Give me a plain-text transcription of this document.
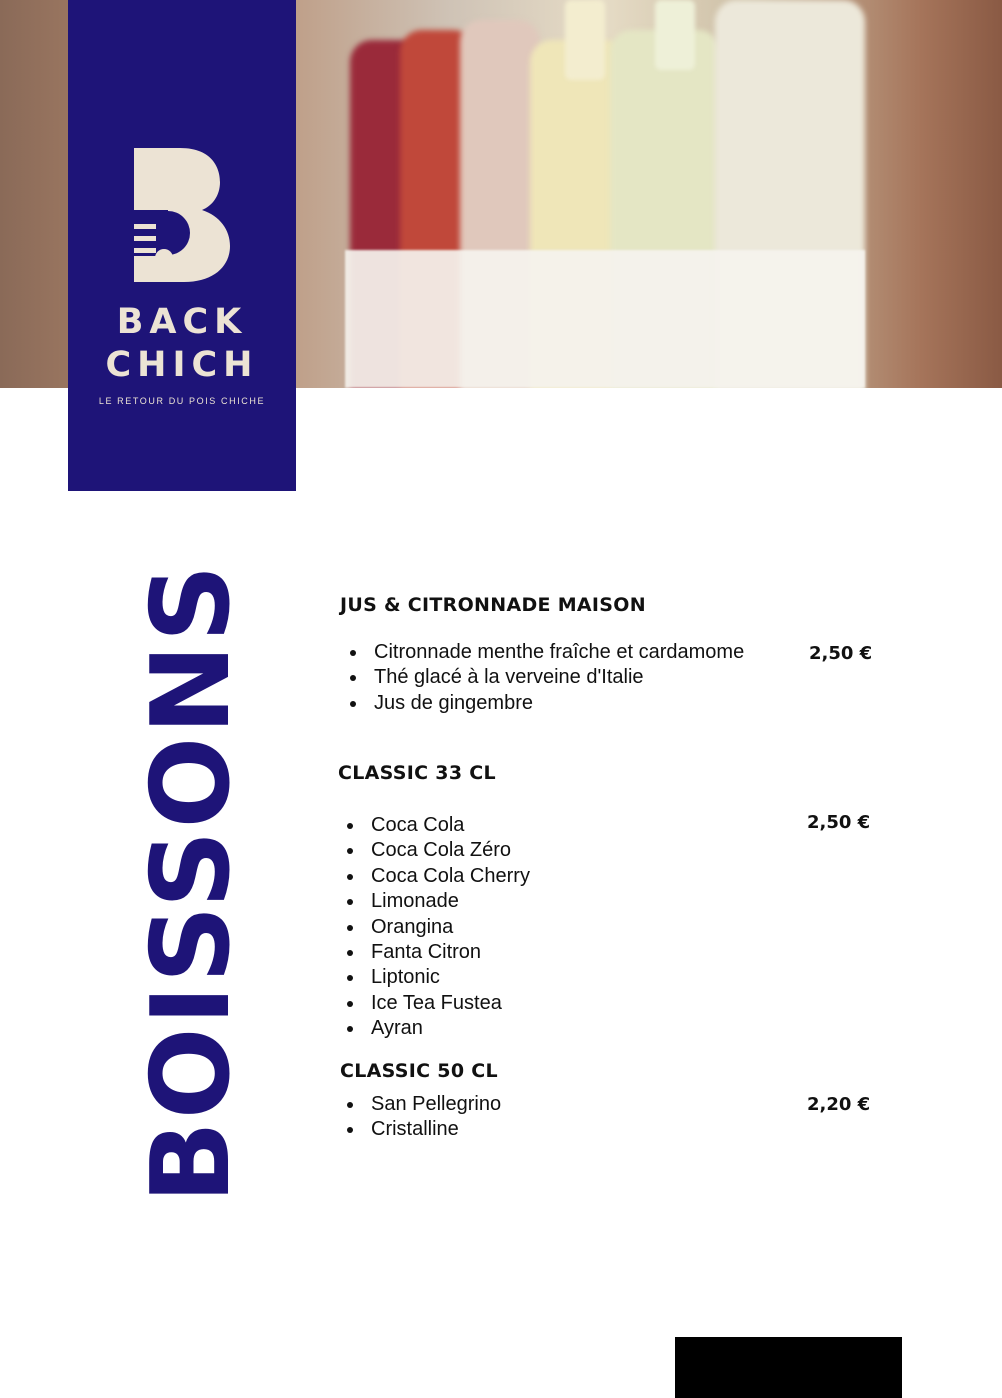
BACK
CHICH
LE RETOUR DU POIS CHICHE
BOISSONS	JUS & CITRONNADE MAISON
Citronnade menthe fraîche et cardamome
Thé glacé à la verveine d'Italie
Jus de gingembre
2,50 €
CLASSIC 33 CL
Coca Cola
Coca Cola Zéro
Coca Cola Cherry
Limonade
Orangina
Fanta Citron
Liptonic
Ice Tea Fustea
Ayran
2,50 €
CLASSIC 50 CL
San Pellegrino
Cristalline
2,20 €
